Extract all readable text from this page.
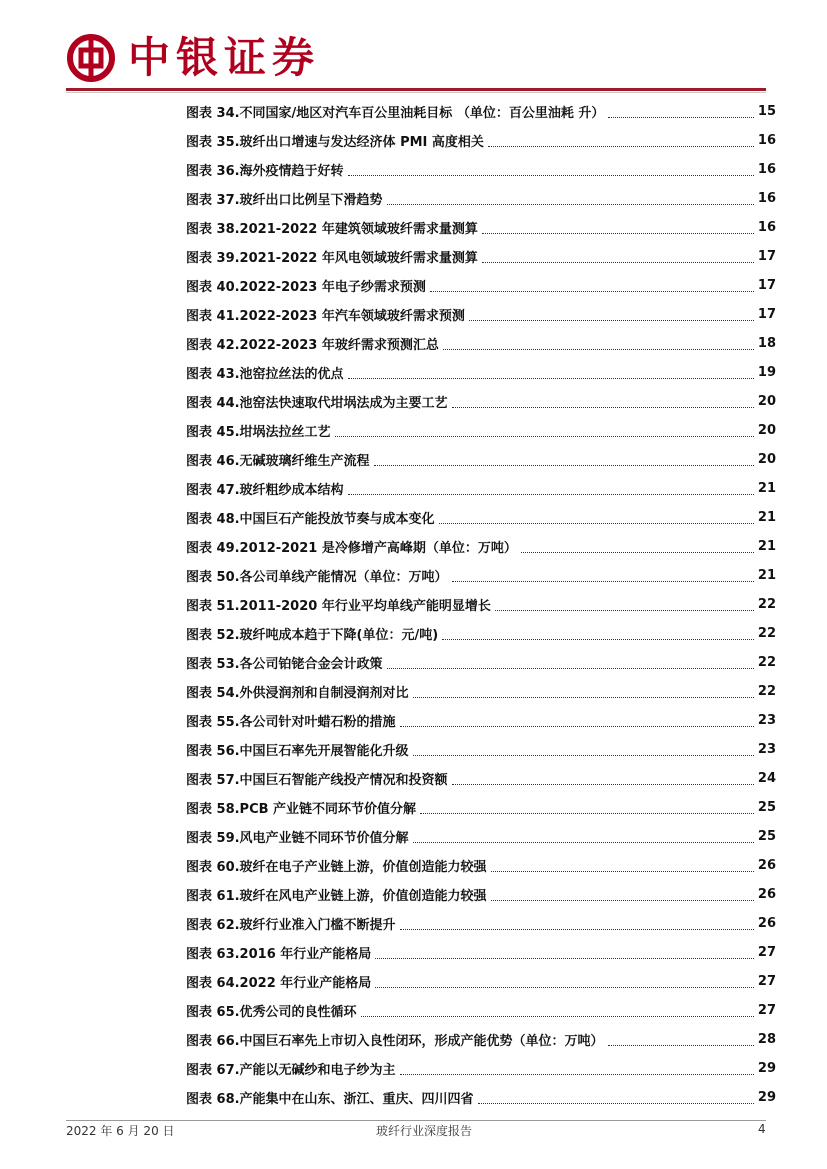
中银证券
图表 34.不同国家/地区对汽车百公里油耗目标 （单位：百公里油耗 升）	15
图表 35.玻纤出口增速与发达经济体 PMI 高度相关	16
图表 36.海外疫情趋于好转	16
图表 37.玻纤出口比例呈下滑趋势	16
图表 38.2021-2022 年建筑领域玻纤需求量测算	16
图表 39.2021-2022 年风电领域玻纤需求量测算	17
图表 40.2022-2023 年电子纱需求预测	17
图表 41.2022-2023 年汽车领域玻纤需求预测	17
图表 42.2022-2023 年玻纤需求预测汇总	18
图表 43.池窑拉丝法的优点	19
图表 44.池窑法快速取代坩埚法成为主要工艺	20
图表 45.坩埚法拉丝工艺	20
图表 46.无碱玻璃纤维生产流程	20
图表 47.玻纤粗纱成本结构	21
图表 48.中国巨石产能投放节奏与成本变化	21
图表 49.2012-2021 是冷修增产高峰期（单位：万吨）	21
图表 50.各公司单线产能情况（单位：万吨）	21
图表 51.2011-2020 年行业平均单线产能明显增长	22
图表 52.玻纤吨成本趋于下降(单位：元/吨)	22
图表 53.各公司铂铑合金会计政策	22
图表 54.外供浸润剂和自制浸润剂对比	22
图表 55.各公司针对叶蜡石粉的措施	23
图表 56.中国巨石率先开展智能化升级	23
图表 57.中国巨石智能产线投产情况和投资额	24
图表 58.PCB 产业链不同环节价值分解	25
图表 59.风电产业链不同环节价值分解	25
图表 60.玻纤在电子产业链上游，价值创造能力较强	26
图表 61.玻纤在风电产业链上游，价值创造能力较强	26
图表 62.玻纤行业准入门槛不断提升	26
图表 63.2016 年行业产能格局	27
图表 64.2022 年行业产能格局	27
图表 65.优秀公司的良性循环	27
图表 66.中国巨石率先上市切入良性闭环，形成产能优势（单位：万吨）	28
图表 67.产能以无碱纱和电子纱为主	29
图表 68.产能集中在山东、浙江、重庆、四川四省	29
2022 年 6 月 20 日	玻纤行业深度报告	4
